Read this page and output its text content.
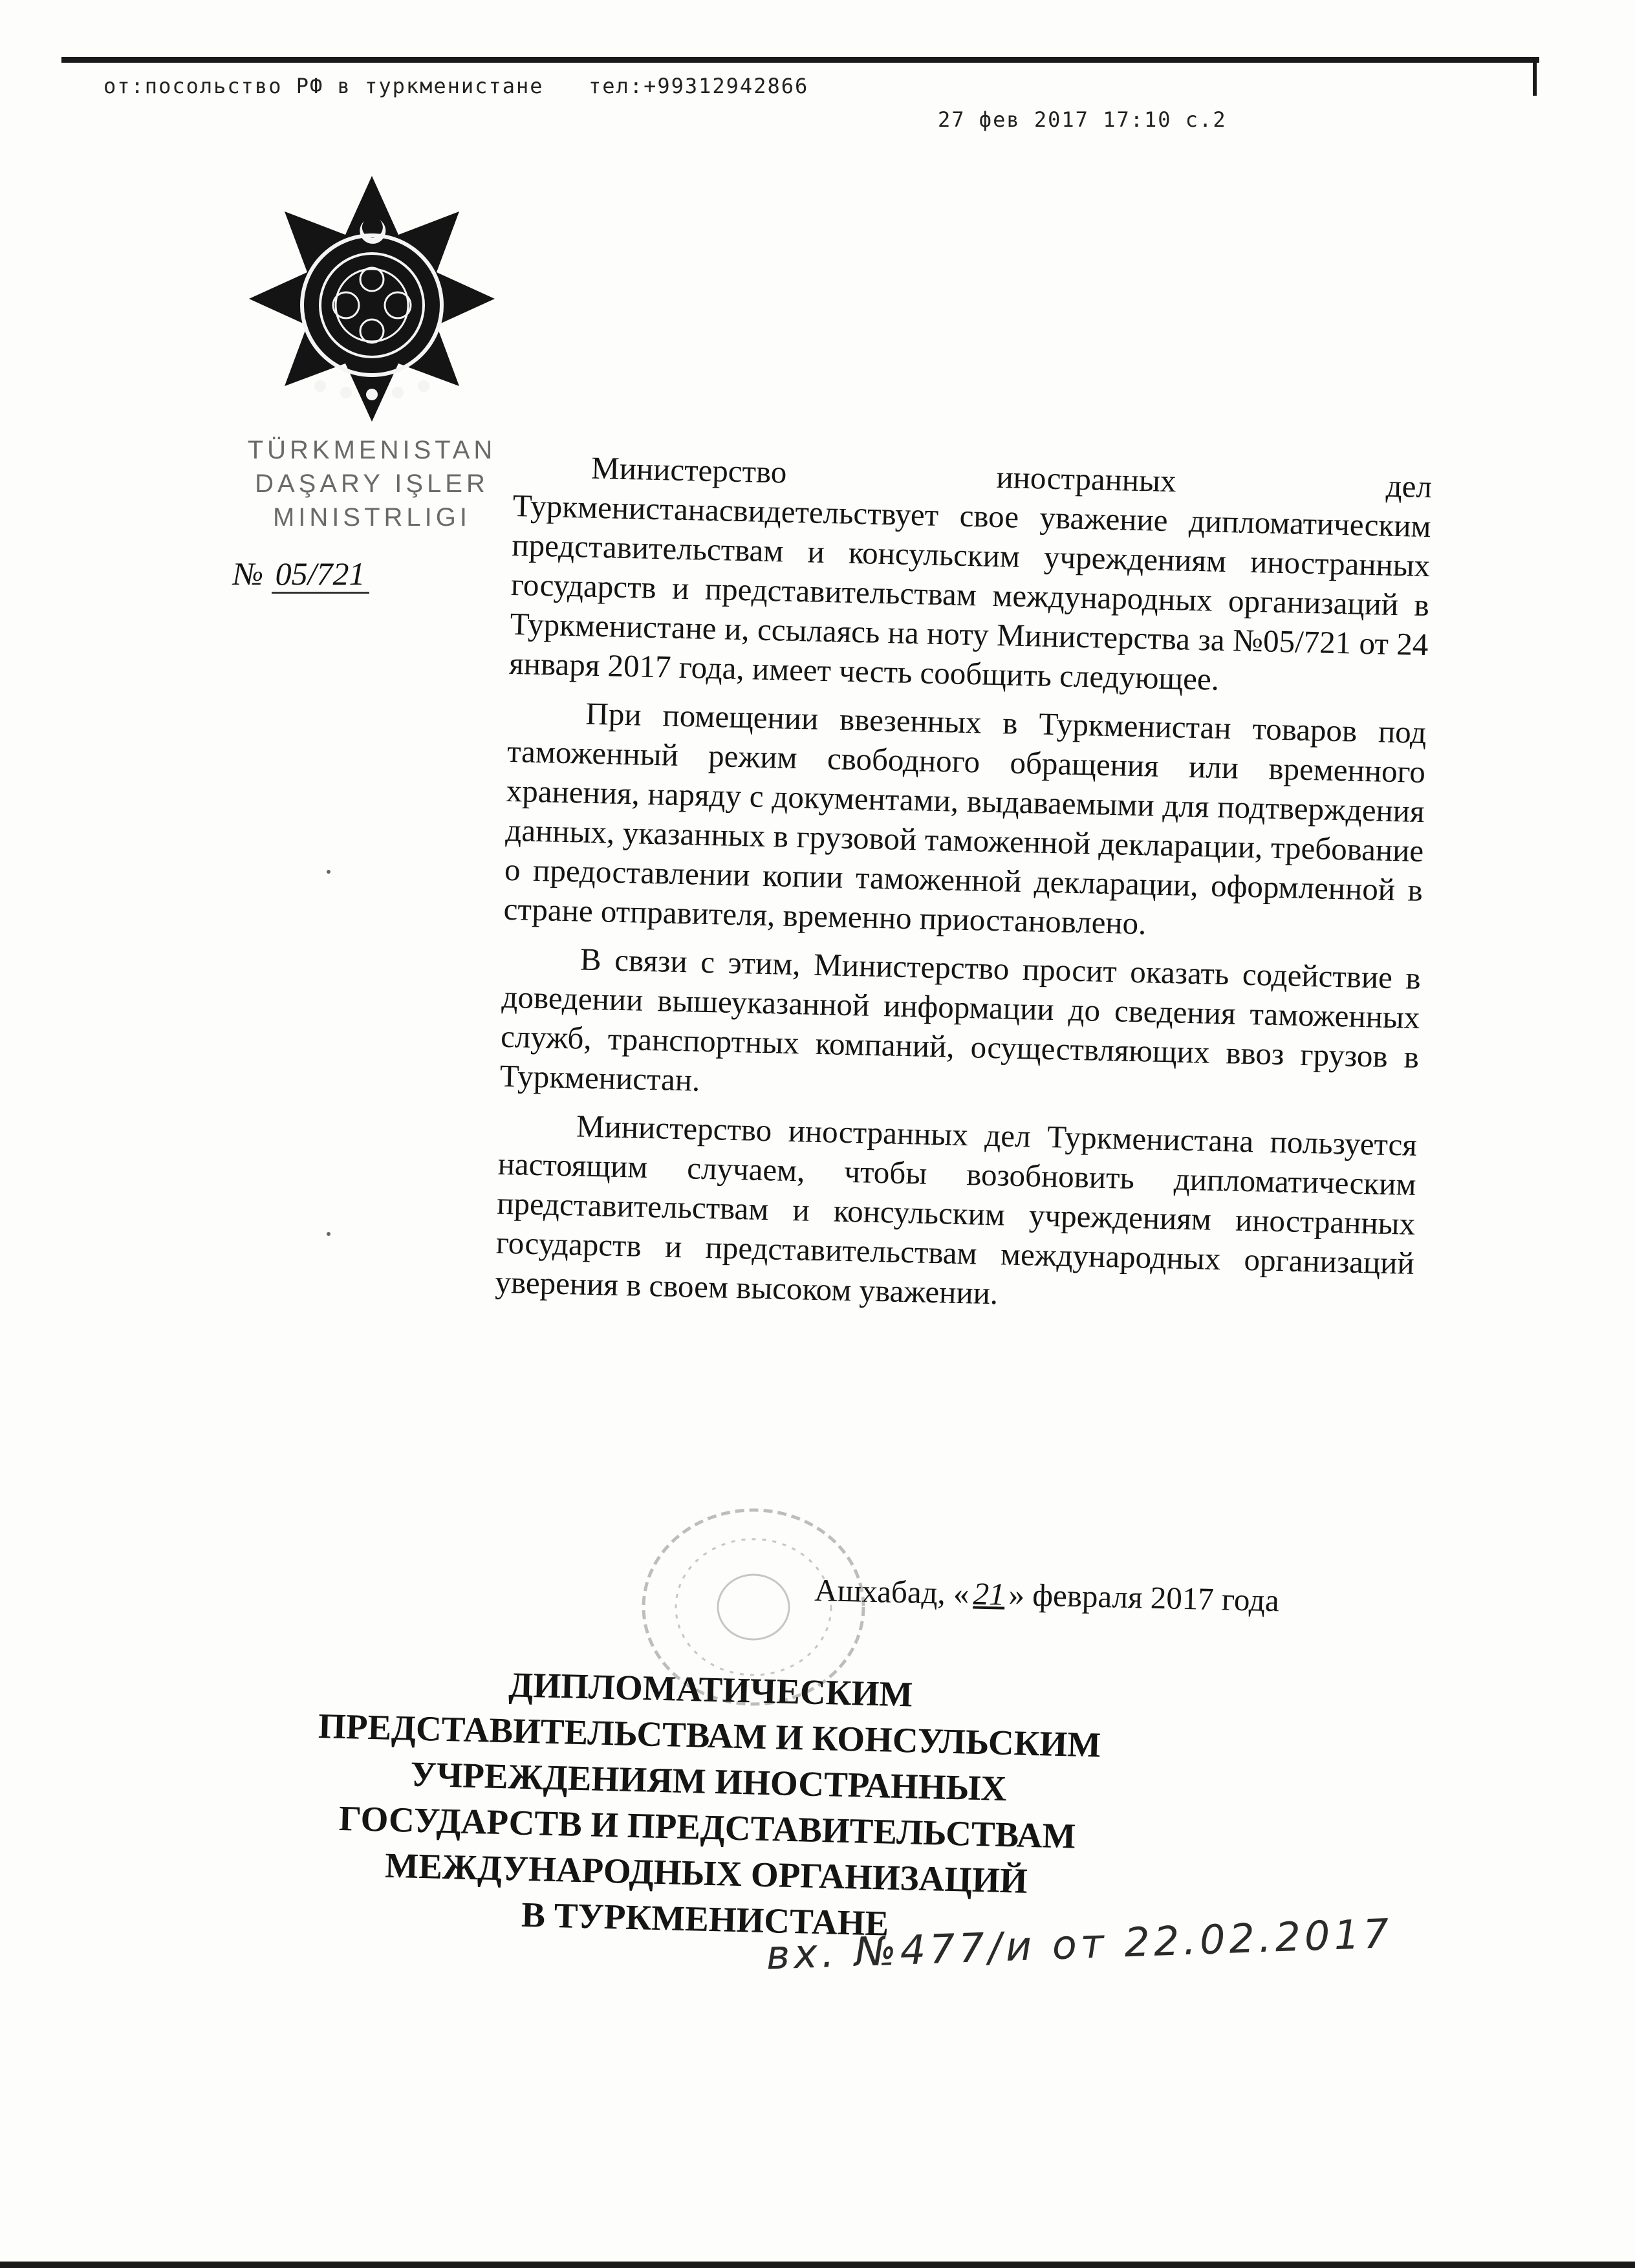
от:посольство РФ в туркменистане тел:+99312942866
27 фев 2017 17:10 с.2
TÜRKMENISTAN
DAŞARY IŞLER
MINISTRLIGI
№ 05/721

Министерство иностранных дел Туркменистанасвидетельствует свое уважение дипломатическим представительствам и консульским учреждениям иностранных государств и представительствам международных организаций в Туркменистане и, ссылаясь на ноту Министерства за №05/721 от 24 января 2017 года, имеет честь сообщить следующее.

При помещении ввезенных в Туркменистан товаров под таможенный режим свободного обращения или временного хранения, наряду с документами, выдаваемыми для подтверждения данных, указанных в грузовой таможенной декларации, требование о предоставлении копии таможенной декларации, оформленной в стране отправителя, временно приостановлено.

В связи с этим, Министерство просит оказать содействие в доведении вышеуказанной информации до сведения таможенных служб, транспортных компаний, осуществляющих ввоз грузов в Туркменистан.

Министерство иностранных дел Туркменистана пользуется настоящим случаем, чтобы возобновить дипломатическим представительствам и консульским учреждениям иностранных государств и представительствам международных организаций уверения в своем высоком уважении.

Ашхабад, «21» февраля 2017 года
ДИПЛОМАТИЧЕСКИМ
ПРЕДСТАВИТЕЛЬСТВАМ И КОНСУЛЬСКИМ
УЧРЕЖДЕНИЯМ ИНОСТРАННЫХ
ГОСУДАРСТВ И ПРЕДСТАВИТЕЛЬСТВАМ
МЕЖДУНАРОДНЫХ ОРГАНИЗАЦИЙ
В ТУРКМЕНИСТАНЕ
вх. №477/и от 22.02.2017
